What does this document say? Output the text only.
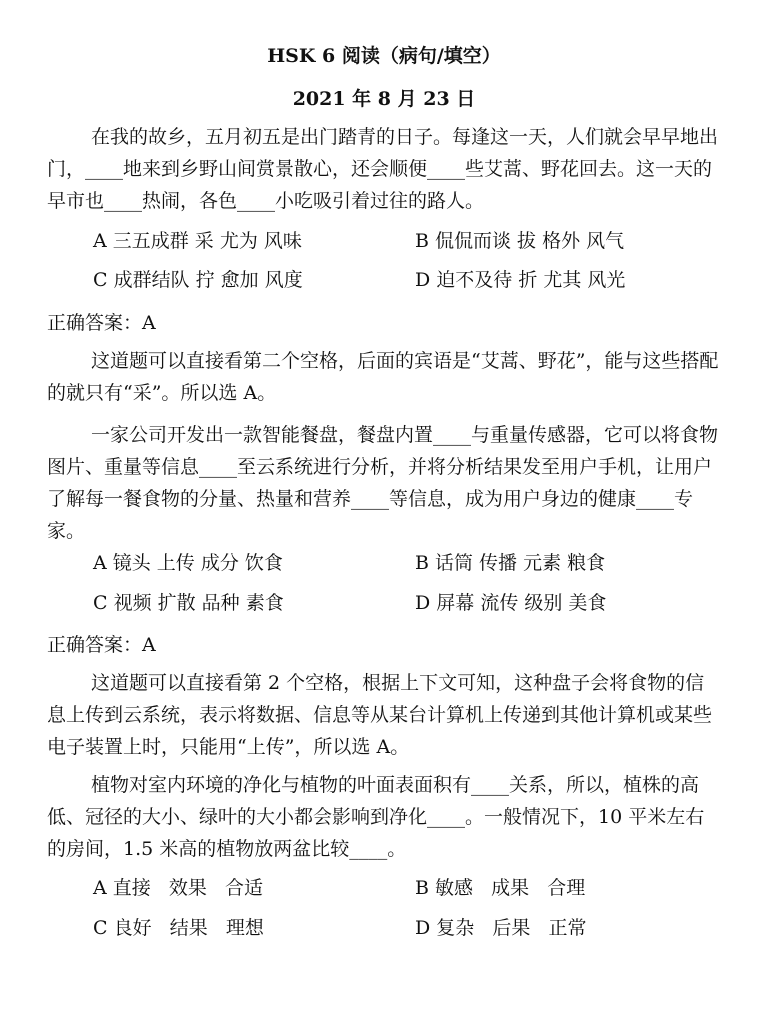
HSK 6 阅读（病句/填空）
2021 年 8 月 23 日

在我的故乡，五月初五是出门踏青的日子。每逢这一天，人们就会早早地出门，____地来到乡野山间赏景散心，还会顺便____些艾蒿、野花回去。这一天的早市也____热闹，各色____小吃吸引着过往的路人。

A 三五成群 采 尤为 风味	B 侃侃而谈 拔 格外 风气
C 成群结队 拧 愈加 风度	D 迫不及待 折 尤其 风光
正确答案：A

这道题可以直接看第二个空格，后面的宾语是“艾蒿、野花”，能与这些搭配的就只有“采”。所以选 A。

一家公司开发出一款智能餐盘，餐盘内置____与重量传感器，它可以将食物图片、重量等信息____至云系统进行分析，并将分析结果发至用户手机，让用户了解每一餐食物的分量、热量和营养____等信息，成为用户身边的健康____专家。

A 镜头 上传 成分 饮食	B 话筒 传播 元素 粮食
C 视频 扩散 品种 素食	D 屏幕 流传 级别 美食
正确答案：A

这道题可以直接看第 2 个空格，根据上下文可知，这种盘子会将食物的信息上传到云系统，表示将数据、信息等从某台计算机上传递到其他计算机或某些电子装置上时，只能用“上传”，所以选 A。

植物对室内环境的净化与植物的叶面表面积有____关系，所以，植株的高低、冠径的大小、绿叶的大小都会影响到净化____。一般情况下，10 平米左右的房间，1.5 米高的植物放两盆比较____。

A 直接   效果   合适	B 敏感   成果   合理
C 良好   结果   理想	D 复杂   后果   正常
